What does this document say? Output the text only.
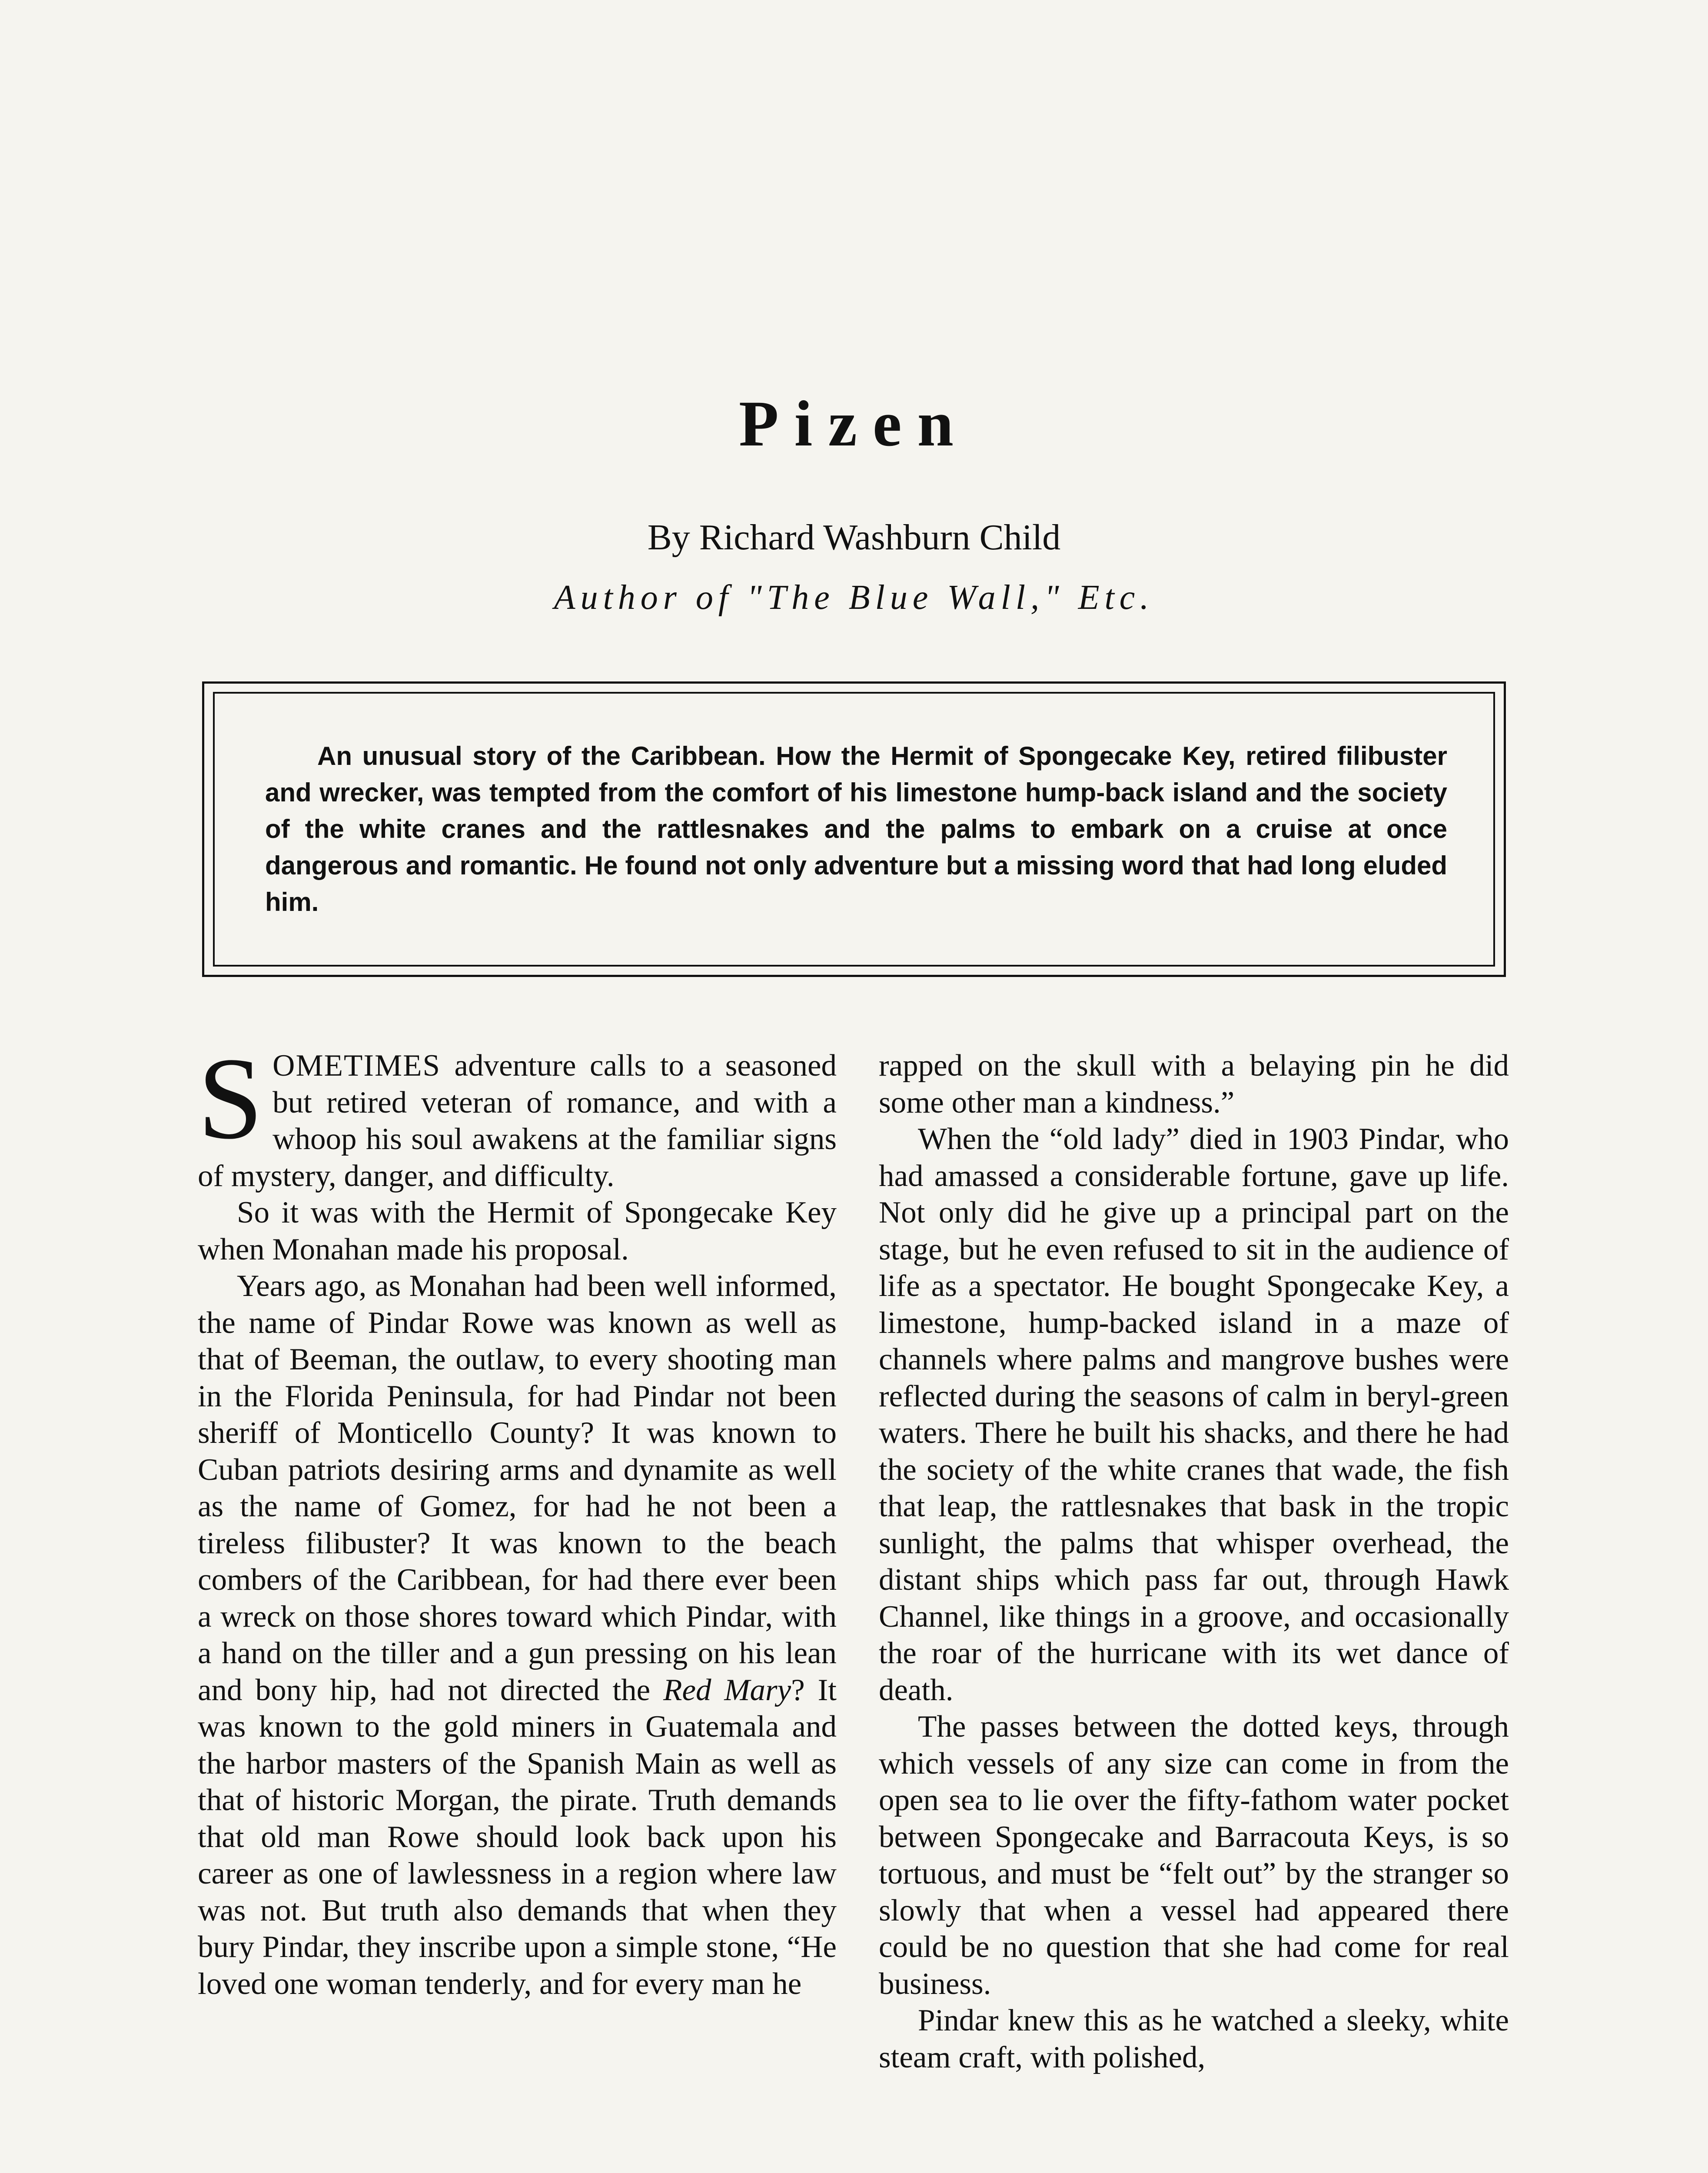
Pizen
By Richard Washburn Child
Author of "The Blue Wall," Etc.
An unusual story of the Caribbean. How the Hermit of Spongecake Key, retired filibuster and wrecker, was tempted from the comfort of his limestone hump-back island and the society of the white cranes and the rattlesnakes and the palms to embark on a cruise at once dangerous and romantic. He found not only adventure but a missing word that had long eluded him.

SOMETIMES adventure calls to a seasoned but retired veteran of romance, and with a whoop his soul awakens at the familiar signs of mystery, danger, and difficulty.

So it was with the Hermit of Spongecake Key when Monahan made his proposal.

Years ago, as Monahan had been well informed, the name of Pindar Rowe was known as well as that of Beeman, the outlaw, to every shooting man in the Florida Peninsula, for had Pindar not been sheriff of Monticello County? It was known to Cuban patriots desiring arms and dynamite as well as the name of Gomez, for had he not been a tireless filibuster? It was known to the beach combers of the Caribbean, for had there ever been a wreck on those shores toward which Pindar, with a hand on the tiller and a gun pressing on his lean and bony hip, had not directed the Red Mary? It was known to the gold miners in Guatemala and the harbor masters of the Spanish Main as well as that of historic Morgan, the pirate. Truth demands that old man Rowe should look back upon his career as one of lawlessness in a region where law was not. But truth also demands that when they bury Pindar, they inscribe upon a simple stone, “He loved one woman tenderly, and for every man he

rapped on the skull with a belaying pin he did some other man a kindness.”

When the “old lady” died in 1903 Pindar, who had amassed a considerable fortune, gave up life. Not only did he give up a principal part on the stage, but he even refused to sit in the audience of life as a spectator. He bought Spongecake Key, a limestone, hump-backed island in a maze of channels where palms and mangrove bushes were reflected during the seasons of calm in beryl-green waters. There he built his shacks, and there he had the society of the white cranes that wade, the fish that leap, the rattlesnakes that bask in the tropic sunlight, the palms that whisper overhead, the distant ships which pass far out, through Hawk Channel, like things in a groove, and occasionally the roar of the hurricane with its wet dance of death.

The passes between the dotted keys, through which vessels of any size can come in from the open sea to lie over the fifty-fathom water pocket between Spongecake and Barracouta Keys, is so tortuous, and must be “felt out” by the stranger so slowly that when a vessel had appeared there could be no question that she had come for real business.

Pindar knew this as he watched a sleeky, white steam craft, with polished,
